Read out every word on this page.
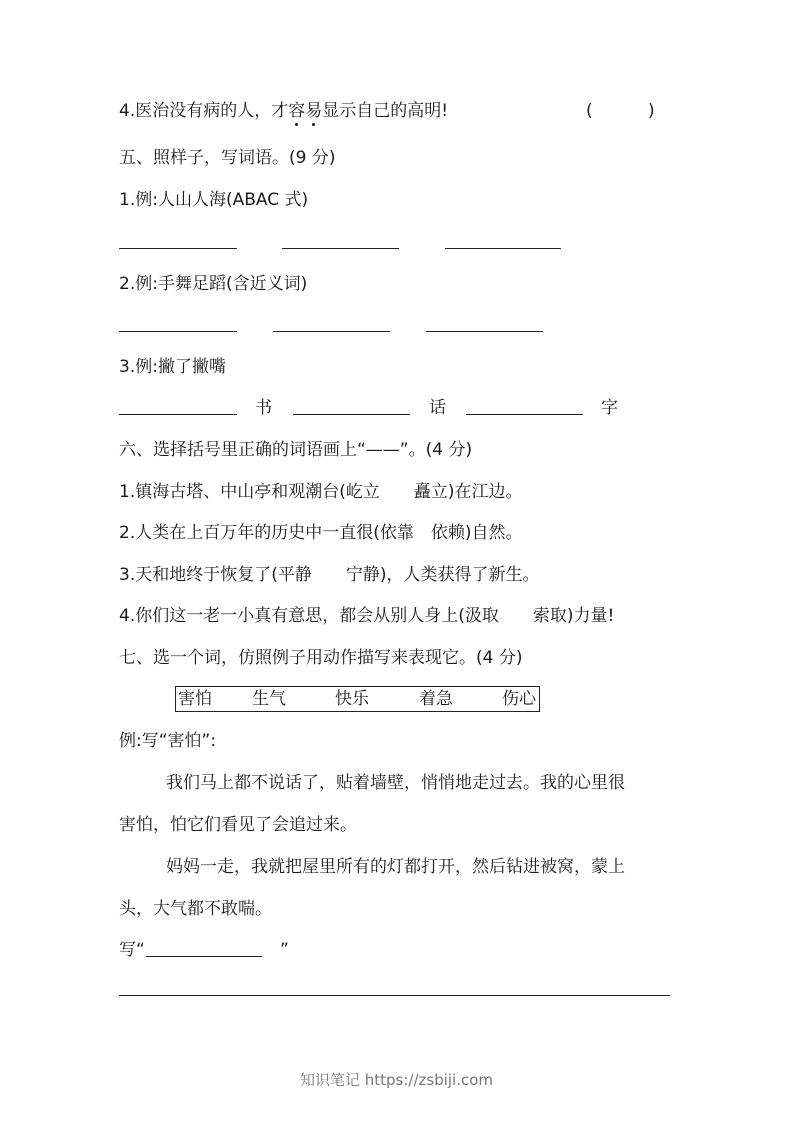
4.医治没有病的人，才容易显示自己的高明!	(	)
五、照样子，写词语。(9 分)
1.例:人山人海(ABAC 式)
2.例:手舞足蹈(含近义词)
3.例:撇了撇嘴
书	话	字
六、选择括号里正确的词语画上“——”。(4 分)
1.镇海古塔、中山亭和观潮台(屹立　　矗立)在江边。
2.人类在上百万年的历史中一直很(依靠　依赖)自然。
3.天和地终于恢复了(平静　　宁静)，人类获得了新生。
4.你们这一老一小真有意思，都会从别人身上(汲取　　索取)力量!
七、选一个词，仿照例子用动作描写来表现它。(4 分)
害怕 生气	快乐	着急	伤心
例:写“害怕”:
我们马上都不说话了，贴着墙壁，悄悄地走过去。我的心里很
害怕，怕它们看见了会追过来。
妈妈一走，我就把屋里所有的灯都打开，然后钻进被窝，蒙上
头，大气都不敢喘。
写“	”
知识笔记 https://zsbiji.com
